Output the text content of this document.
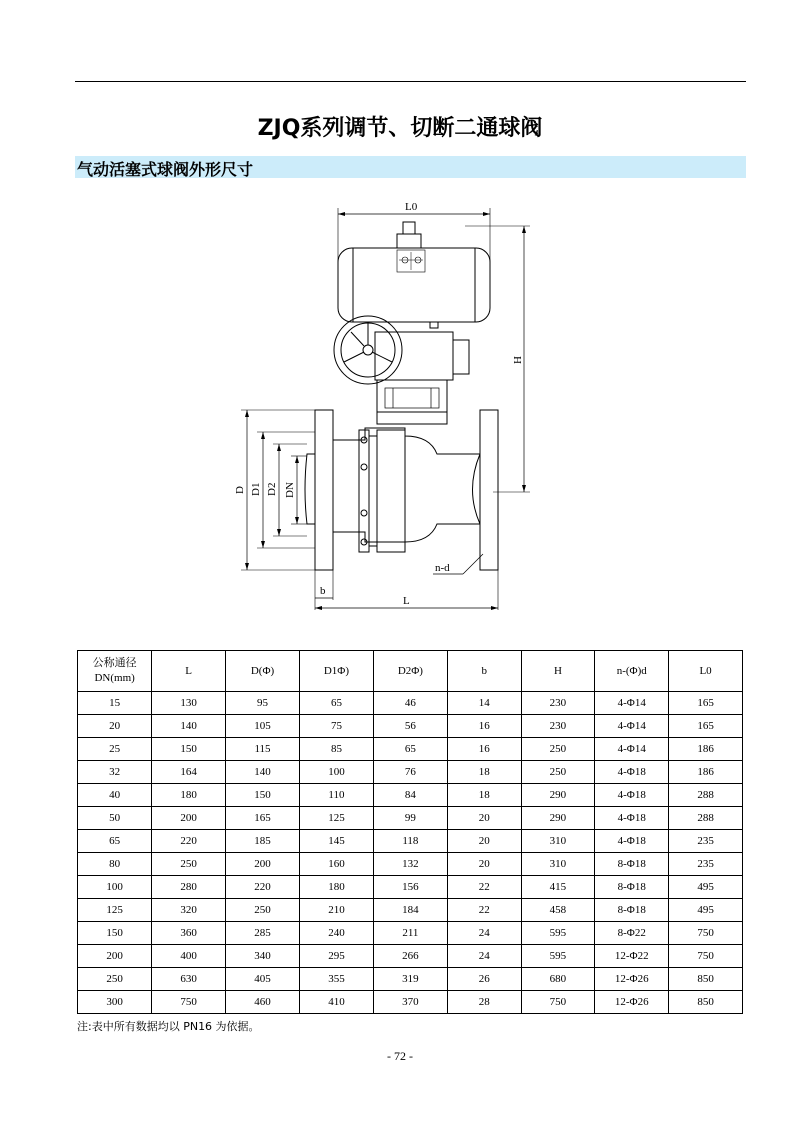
ZJQ系列调节、切断二通球阀
气动活塞式球阀外形尺寸
L0
H
D D1 D2 DN
b
L
n-d
公称通径DN(mm)	L	D(Φ)	D1Φ)	D2Φ)	b	H	n-(Φ)d	L0
15	130	95	65	46	14	230	4-Φ14	165
20	140	105	75	56	16	230	4-Φ14	165
25	150	115	85	65	16	250	4-Φ14	186
32	164	140	100	76	18	250	4-Φ18	186
40	180	150	110	84	18	290	4-Φ18	288
50	200	165	125	99	20	290	4-Φ18	288
65	220	185	145	118	20	310	4-Φ18	235
80	250	200	160	132	20	310	8-Φ18	235
100	280	220	180	156	22	415	8-Φ18	495
125	320	250	210	184	22	458	8-Φ18	495
150	360	285	240	211	24	595	8-Φ22	750
200	400	340	295	266	24	595	12-Φ22	750
250	630	405	355	319	26	680	12-Φ26	850
300	750	460	410	370	28	750	12-Φ26	850
注:表中所有数据均以 PN16 为依据。
- 72 -
